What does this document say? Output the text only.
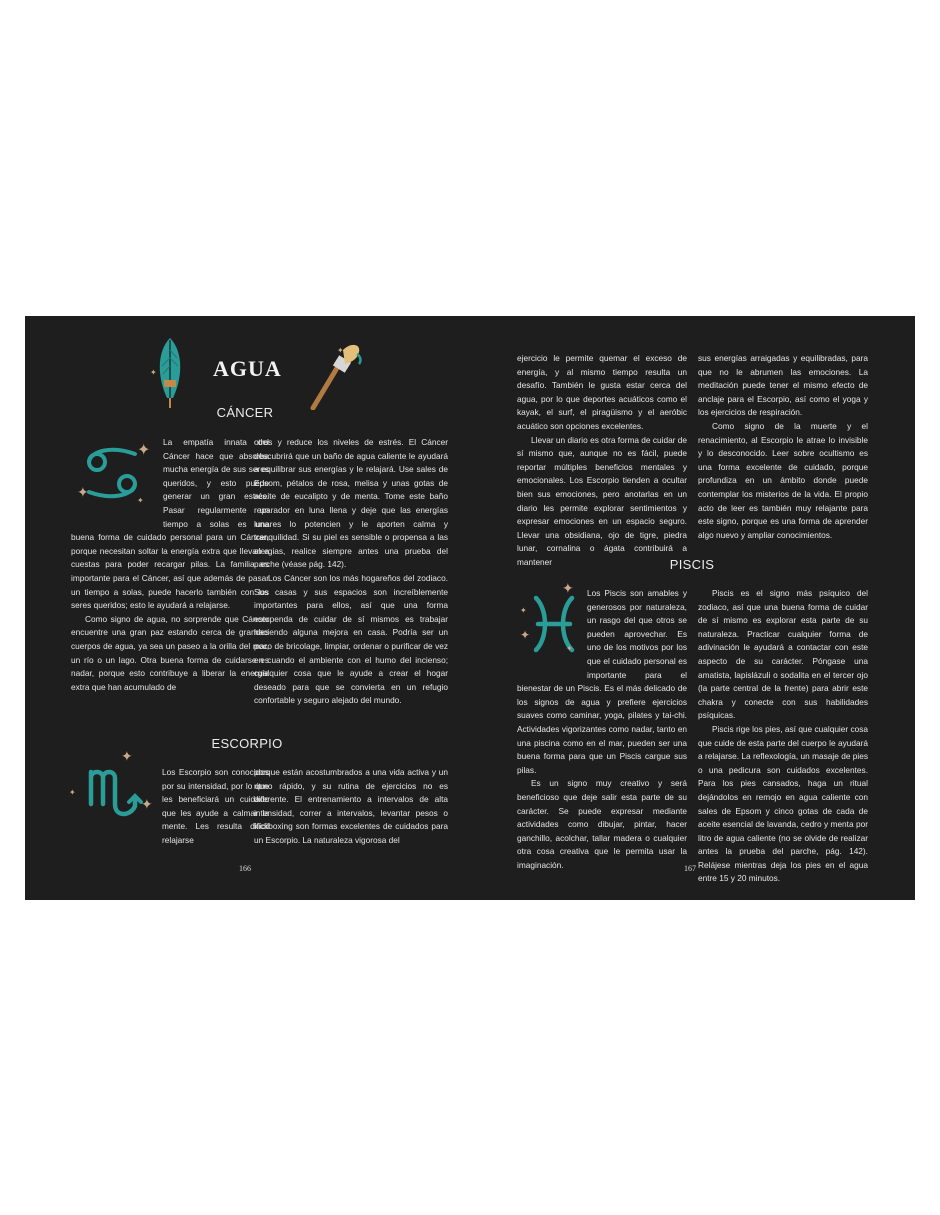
✦	AGUA
✦
CÁNCER
✦
✦
✦

La empatía innata del Cáncer hace que absorba mucha energía de sus seres queridos, y esto puede generar un gran estrés. Pasar regularmente un tiempo a solas es una buena forma de cuidado personal para un Cáncer, porque necesitan soltar la energía extra que llevan a cuestas para poder recargar pilas. La familia es importante para el Cáncer, así que además de pasar un tiempo a solas, puede hacerlo también con los seres queridos; esto le ayudará a relajarse.

Como signo de agua, no sorprende que Cáncer encuentre una gran paz estando cerca de grandes cuerpos de agua, ya sea un paseo a la orilla del mar, un río o un lago. Otra buena forma de cuidarse es nadar, porque esto contribuye a liberar la energía extra que han acumulado de

otros y reduce los niveles de estrés. El Cáncer descubrirá que un baño de agua caliente le ayudará a equilibrar sus energías y le relajará. Use sales de Epsom, pétalos de rosa, melisa y unas gotas de aceite de eucalipto y de menta. Tome este baño reparador en luna llena y deje que las energías lunares lo potencien y le aporten calma y tranquilidad. Si su piel es sensible o propensa a las alergias, realice siempre antes una prueba del parche (véase pág. 142).

Los Cáncer son los más hogareños del zodiaco. Sus casas y sus espacios son increíblemente importantes para ellos, así que una forma estupenda de cuidar de sí mismos es trabajar haciendo alguna mejora en casa. Podría ser un poco de bricolage, limpiar, ordenar o purificar de vez en cuando el ambiente con el humo del incienso; cualquier cosa que le ayude a crear el hogar deseado para que se convierta en un refugio confortable y seguro alejado del mundo.

ESCORPIO
✦
✦
✦

Los Escorpio son conocidos por su intensidad, por lo que les beneficiará un cuidado que les ayude a calmar la mente. Les resulta difícil relajarse

porque están acostumbrados a una vida activa y un ritmo rápido, y su rutina de ejercicios no es diferente. El entrenamiento a intervalos de alta intensidad, correr a intervalos, levantar pesos o kickboxing son formas excelentes de cuidados para un Escorpio. La naturaleza vigorosa del

166

ejercicio le permite quemar el exceso de energía, y al mismo tiempo resulta un desafío. También le gusta estar cerca del agua, por lo que deportes acuáticos como el kayak, el surf, el piragüismo y el aeróbic acuático son opciones excelentes.

Llevar un diario es otra forma de cuidar de sí mismo que, aunque no es fácil, puede reportar múltiples beneficios mentales y emocionales. Los Escorpio tienden a ocultar bien sus emociones, pero anotarlas en un diario les permite explorar sentimientos y expresar emociones en un espacio seguro. Llevar una obsidiana, ojo de tigre, piedra lunar, cornalina o ágata contribuirá a mantener

sus energías arraigadas y equilibradas, para que no le abrumen las emociones. La meditación puede tener el mismo efecto de anclaje para el Escorpio, así como el yoga y los ejercicios de respiración.

Como signo de la muerte y el renacimiento, al Escorpio le atrae lo invisible y lo desconocido. Leer sobre ocultismo es una forma excelente de cuidado, porque profundiza en un ámbito donde puede contemplar los misterios de la vida. El propio acto de leer es también muy relajante para este signo, porque es una forma de aprender algo nuevo y ampliar conocimientos.

PISCIS
✦
✦
✦
✦

Los Piscis son amables y generosos por naturaleza, un rasgo del que otros se pueden aprovechar. Es uno de los motivos por los que el cuidado personal es importante para el bienestar de un Piscis. Es el más delicado de los signos de agua y prefiere ejercicios suaves como caminar, yoga, pilates y tai-chi. Actividades vigorizantes como nadar, tanto en una piscina como en el mar, pueden ser una buena forma para que un Piscis cargue sus pilas.

Es un signo muy creativo y será beneficioso que deje salir esta parte de su carácter. Se puede expresar mediante actividades como dibujar, pintar, hacer ganchillo, acolchar, tallar madera o cualquier otra cosa creativa que le permita usar la imaginación.

Piscis es el signo más psíquico del zodiaco, así que una buena forma de cuidar de sí mismo es explorar esta parte de su naturaleza. Practicar cualquier forma de adivinación le ayudará a contactar con este aspecto de su carácter. Póngase una amatista, lapislázuli o sodalita en el tercer ojo (la parte central de la frente) para abrir este chakra y conecte con sus habilidades psíquicas.

Piscis rige los pies, así que cualquier cosa que cuide de esta parte del cuerpo le ayudará a relajarse. La reflexología, un masaje de pies o una pedicura son cuidados excelentes. Para los pies cansados, haga un ritual dejándolos en remojo en agua caliente con sales de Epsom y cinco gotas de cada de aceite esencial de lavanda, cedro y menta por litro de agua caliente (no se olvide de realizar antes la prueba del parche, pág. 142). Relájese mientras deja los pies en el agua entre 15 y 20 minutos.

167
